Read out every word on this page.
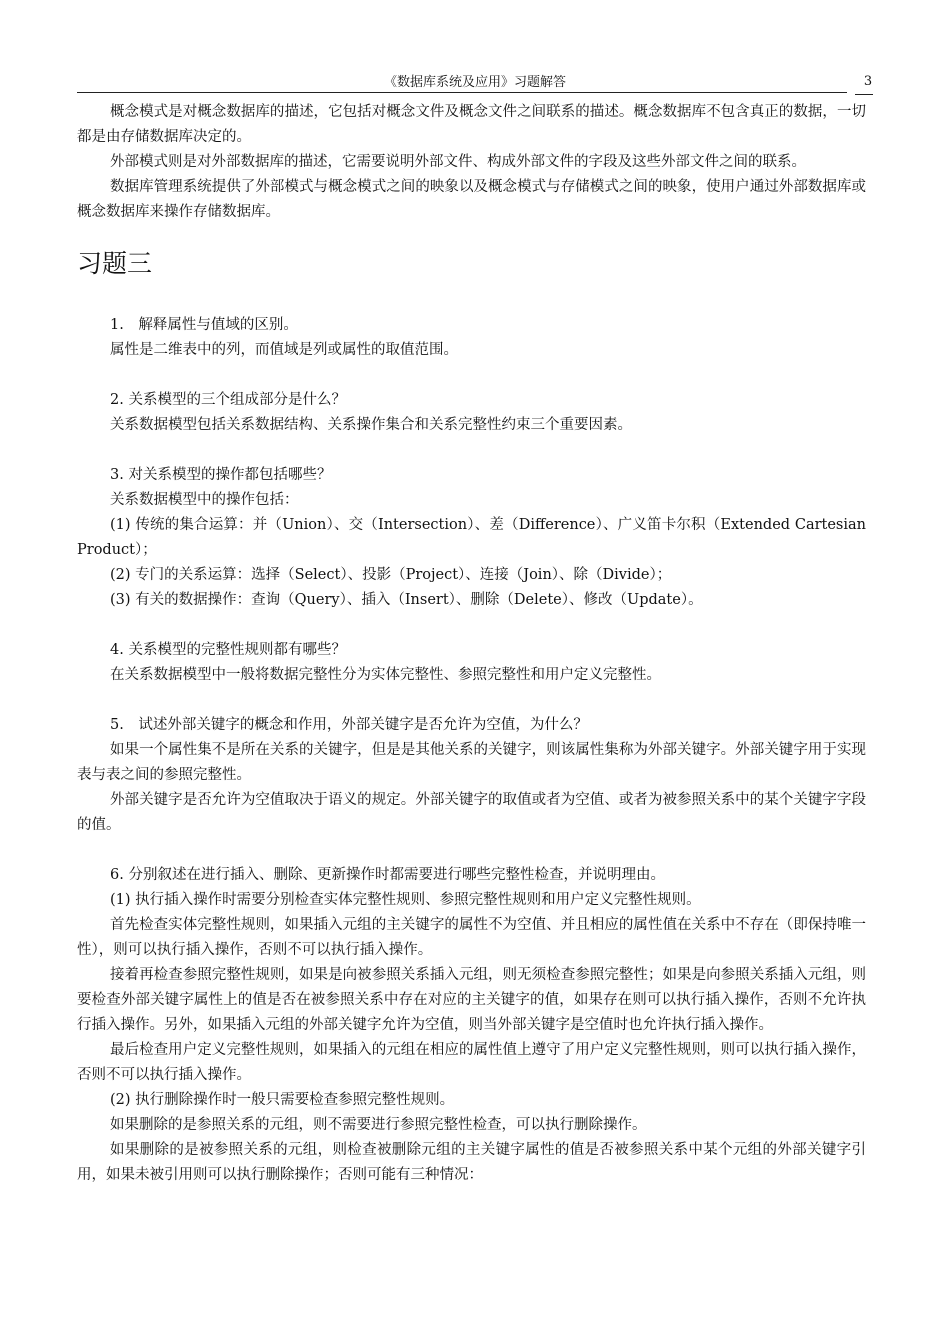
《数据库系统及应用》习题解答	3

概念模式是对概念数据库的描述，它包括对概念文件及概念文件之间联系的描述。概念数据库不包含真正的数据，一切都是由存储数据库决定的。

外部模式则是对外部数据库的描述，它需要说明外部文件、构成外部文件的字段及这些外部文件之间的联系。

数据库管理系统提供了外部模式与概念模式之间的映象以及概念模式与存储模式之间的映象，使用户通过外部数据库或概念数据库来操作存储数据库。

习题三

1.　解释属性与值域的区别。

属性是二维表中的列，而值域是列或属性的取值范围。

2. 关系模型的三个组成部分是什么？

关系数据模型包括关系数据结构、关系操作集合和关系完整性约束三个重要因素。

3. 对关系模型的操作都包括哪些？

关系数据模型中的操作包括：

(1) 传统的集合运算：并（Union）、交（Intersection）、差（Difference）、广义笛卡尔积（Extended Cartesian Product）；

(2) 专门的关系运算：选择（Select）、投影（Project）、连接（Join）、除（Divide）；

(3) 有关的数据操作：查询（Query）、插入（Insert）、删除（Delete）、修改（Update）。

4. 关系模型的完整性规则都有哪些？

在关系数据模型中一般将数据完整性分为实体完整性、参照完整性和用户定义完整性。

5.　试述外部关键字的概念和作用，外部关键字是否允许为空值，为什么？

如果一个属性集不是所在关系的关键字，但是是其他关系的关键字，则该属性集称为外部关键字。外部关键字用于实现表与表之间的参照完整性。

外部关键字是否允许为空值取决于语义的规定。外部关键字的取值或者为空值、或者为被参照关系中的某个关键字字段的值。

6. 分别叙述在进行插入、删除、更新操作时都需要进行哪些完整性检查，并说明理由。

(1) 执行插入操作时需要分别检查实体完整性规则、参照完整性规则和用户定义完整性规则。

首先检查实体完整性规则，如果插入元组的主关键字的属性不为空值、并且相应的属性值在关系中不存在（即保持唯一性），则可以执行插入操作，否则不可以执行插入操作。

接着再检查参照完整性规则，如果是向被参照关系插入元组，则无须检查参照完整性；如果是向参照关系插入元组，则要检查外部关键字属性上的值是否在被参照关系中存在对应的主关键字的值，如果存在则可以执行插入操作，否则不允许执行插入操作。另外，如果插入元组的外部关键字允许为空值，则当外部关键字是空值时也允许执行插入操作。

最后检查用户定义完整性规则，如果插入的元组在相应的属性值上遵守了用户定义完整性规则，则可以执行插入操作，否则不可以执行插入操作。

(2) 执行删除操作时一般只需要检查参照完整性规则。

如果删除的是参照关系的元组，则不需要进行参照完整性检查，可以执行删除操作。

如果删除的是被参照关系的元组，则检查被删除元组的主关键字属性的值是否被参照关系中某个元组的外部关键字引用，如果未被引用则可以执行删除操作；否则可能有三种情况：
